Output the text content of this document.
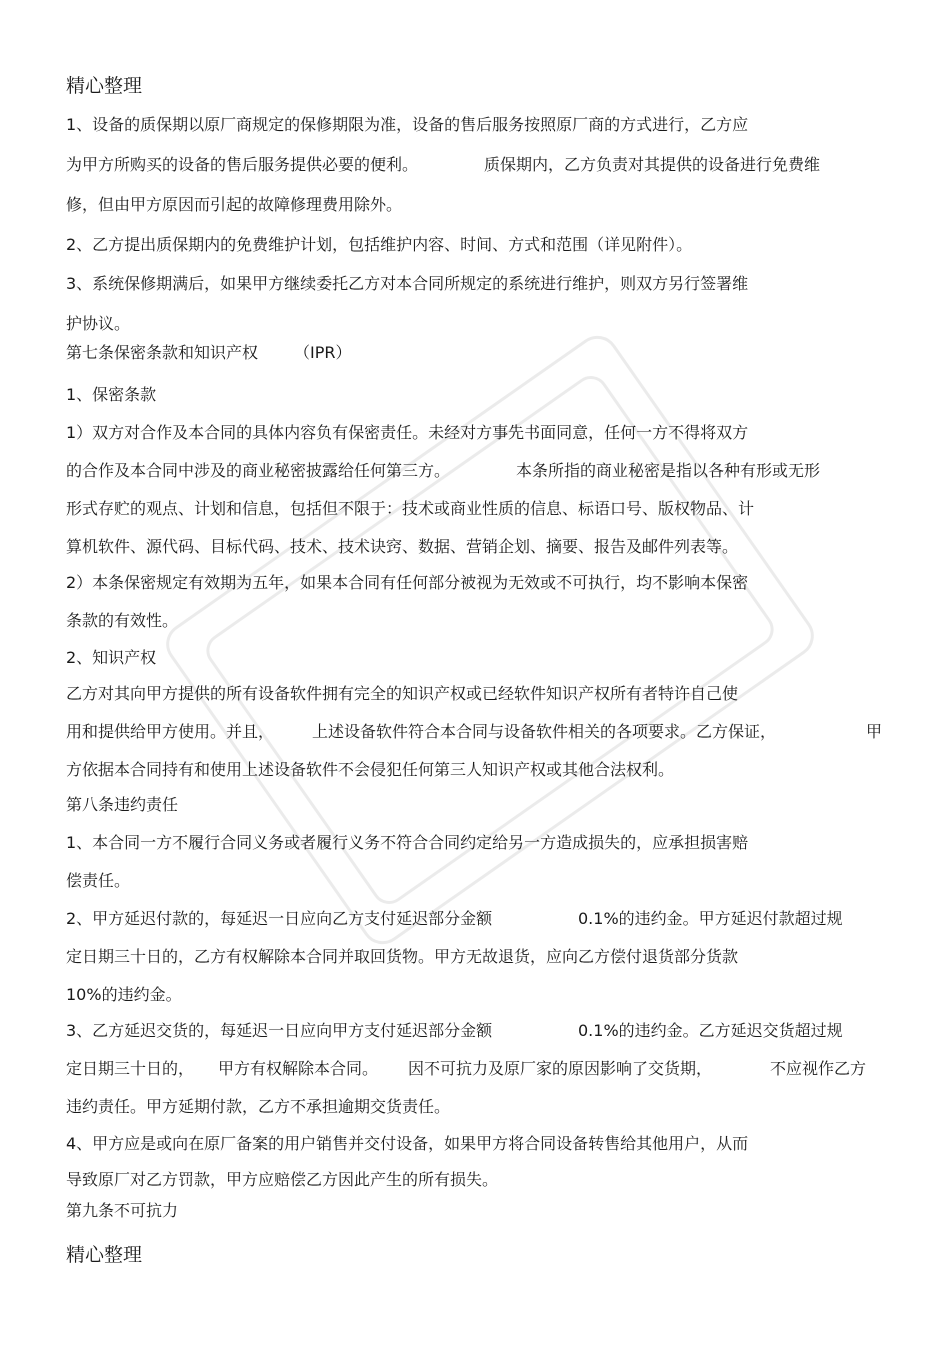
精心整理
1、设备的质保期以原厂商规定的保修期限为准，设备的售后服务按照原厂商的方式进行，乙方应
为甲方所购买的设备的售后服务提供必要的便利。	质保期内，乙方负责对其提供的设备进行免费维
修，但由甲方原因而引起的故障修理费用除外。
2、乙方提出质保期内的免费维护计划，包括维护内容、时间、方式和范围（详见附件）。
3、系统保修期满后，如果甲方继续委托乙方对本合同所规定的系统进行维护，则双方另行签署维
护协议。
第七条保密条款和知识产权 （IPR）
1、保密条款
1）双方对合作及本合同的具体内容负有保密责任。未经对方事先书面同意，任何一方不得将双方
的合作及本合同中涉及的商业秘密披露给任何第三方。	本条所指的商业秘密是指以各种有形或无形
形式存贮的观点、计划和信息，包括但不限于：技术或商业性质的信息、标语口号、版权物品、计
算机软件、源代码、目标代码、技术、技术诀窍、数据、营销企划、摘要、报告及邮件列表等。
2）本条保密规定有效期为五年，如果本合同有任何部分被视为无效或不可执行，均不影响本保密
条款的有效性。
2、知识产权
乙方对其向甲方提供的所有设备软件拥有完全的知识产权或已经软件知识产权所有者特许自己使
用和提供给甲方使用。并且， 上述设备软件符合本合同与设备软件相关的各项要求。乙方保证，	甲
方依据本合同持有和使用上述设备软件不会侵犯任何第三人知识产权或其他合法权利。
第八条违约责任
1、本合同一方不履行合同义务或者履行义务不符合合同约定给另一方造成损失的，应承担损害赔
偿责任。
2、甲方延迟付款的，每延迟一日应向乙方支付延迟部分金额	0.1%的违约金。甲方延迟付款超过规
定日期三十日的，乙方有权解除本合同并取回货物。甲方无故退货，应向乙方偿付退货部分货款
10%的违约金。
3、乙方延迟交货的，每延迟一日应向甲方支付延迟部分金额	0.1%的违约金。乙方延迟交货超过规
定日期三十日的， 甲方有权解除本合同。 因不可抗力及原厂家的原因影响了交货期，	不应视作乙方
违约责任。甲方延期付款，乙方不承担逾期交货责任。
4、甲方应是或向在原厂备案的用户销售并交付设备，如果甲方将合同设备转售给其他用户，从而
导致原厂对乙方罚款，甲方应赔偿乙方因此产生的所有损失。
第九条不可抗力
精心整理
